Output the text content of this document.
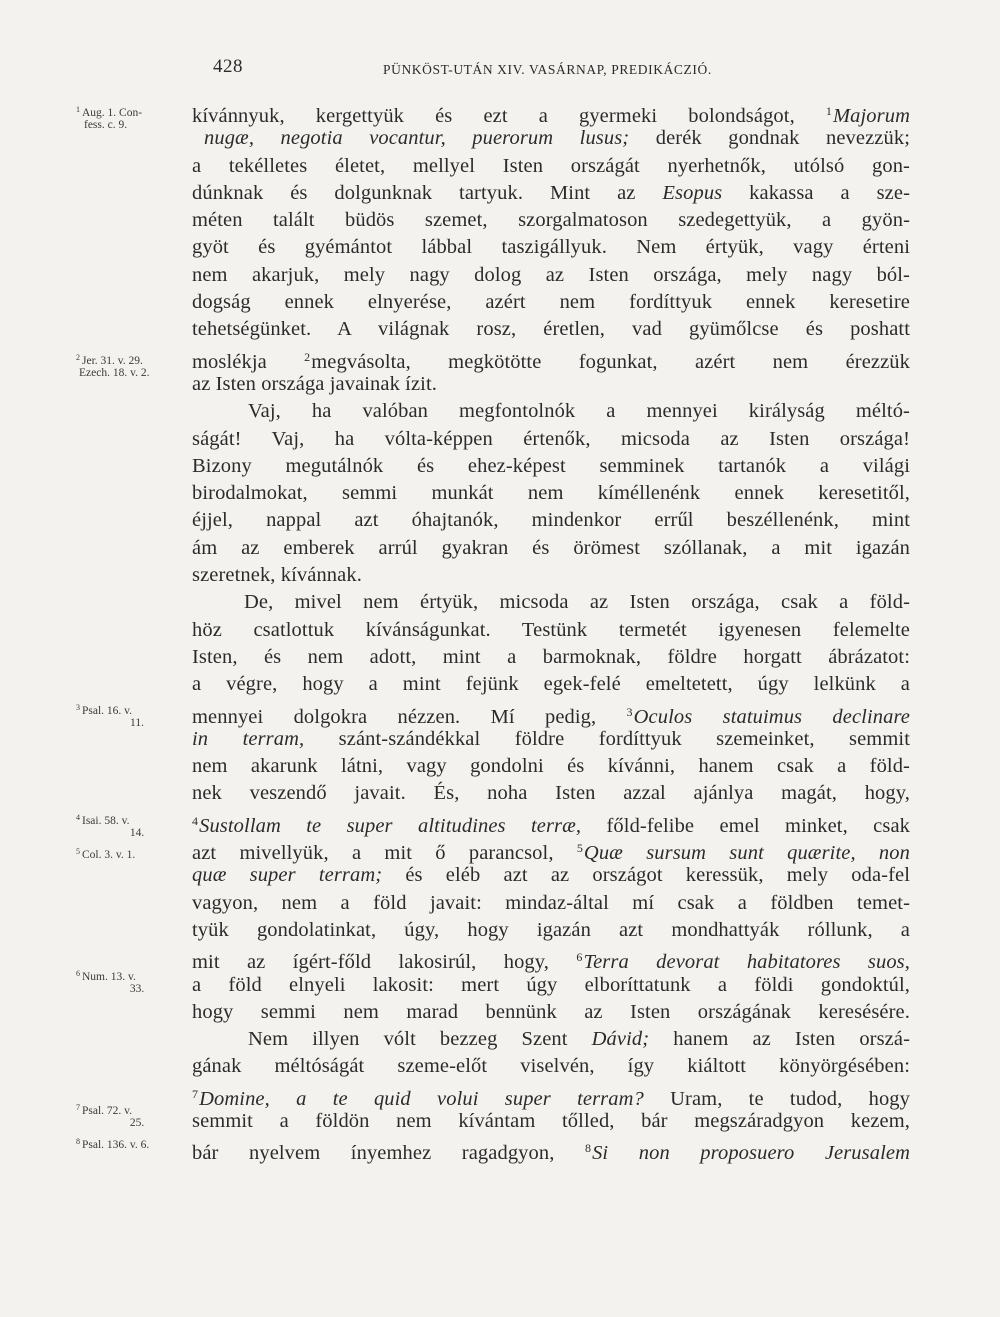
428	PÜNKÖST-UTÁN XIV. VASÁRNAP, PREDIKÁCZIÓ.
$^1$ Aug. 1. Con-

fess. c. 9.
$^2$ Jer. 31. v. 29.

Ezech. 18. v. 2.
$^3$ Psal. 16. v.

11.
$^4$ Isai. 58. v.

14.
$^5$ Col. 3. v. 1.
$^6$ Num. 13. v.

33.
$^7$ Psal. 72. v.

25.
$^8$ Psal. 136. v. 6.
kívánnyuk, kergettyük és ezt a gyermeki bolondságot,	$^1$Majorum
nugæ, negotia vocantur, puerorum lusus; derék gondnak nevezzük;
a tekélletes életet, mellyel Isten országát nyerhetnők, utólsó gon-
dúnknak és dolgunknak tartyuk. Mint az Esopus kakassa a sze-
méten talált büdös szemet, szorgalmatoson szedegettyük, a gyön-
gyöt és gyémántot lábbal taszigállyuk. Nem értyük, vagy érteni
nem akarjuk, mely nagy dolog az Isten országa, mely nagy ból-
dogság ennek elnyerése, azért nem fordíttyuk ennek keresetire
tehetségünket. A világnak rosz, éretlen, vad gyümőlcse és poshatt
moslékja	$^2$megvásolta, megkötötte fogunkat, azért nem érezzük
az Isten országa javainak ízit.
Vaj, ha valóban megfontolnók a mennyei királyság méltó-
ságát! Vaj, ha vólta-képpen értenők, micsoda az Isten országa!
Bizony megutálnók és ehez-képest semminek tartanók a világi
birodalmokat, semmi munkát nem kíméllenénk ennek keresetitől,
éjjel, nappal azt óhajtanók, mindenkor errűl beszéllenénk, mint
ám az emberek arrúl gyakran és örömest szóllanak, a mit igazán
szeretnek, kívánnak.
De, mivel nem értyük, micsoda az Isten országa, csak a föld-
höz csatlottuk kívánságunkat. Testünk termetét igyenesen felemelte
Isten, és nem adott, mint a barmoknak, földre horgatt ábrázatot:
a végre, hogy a mint fejünk egek-felé emeltetett, úgy lelkünk a
mennyei dolgokra nézzen. Mí pedig,	$^3$Oculos statuimus declinare
in terram, szánt-szándékkal földre fordíttyuk szemeinket, semmit
nem akarunk látni, vagy gondolni és kívánni, hanem csak a föld-
nek veszendő javait. És, noha Isten azzal ajánlya magát, hogy,
$^4$Sustollam te super altitudines terræ, főld-felibe emel minket, csak
azt mivellyük, a mit ő parancsol, $^5$Quæ sursum sunt quærite, non
quæ super terram; és eléb azt az országot keressük, mely oda-fel
vagyon, nem a föld javait: mindaz-által mí csak a földben temet-
tyük gondolatinkat, úgy, hogy igazán azt mondhattyák róllunk, a
mit az ígért-főld lakosirúl, hogy, $^6$Terra devorat habitatores suos,
a föld elnyeli lakosit: mert úgy elboríttatunk a földi gondoktúl,
hogy semmi nem marad bennünk az Isten országának keresésére.
Nem illyen vólt bezzeg Szent Dávid; hanem az Isten orszá-
gának méltóságát szeme-előt viselvén, így kiáltott könyörgésében:
$^7$Domine, a te quid volui super terram? Uram, te tudod, hogy
semmit a földön nem kívántam tőlled, bár megszáradgyon kezem,
bár nyelvem ínyemhez ragadgyon,	$^8$Si non proposuero Jerusalem
